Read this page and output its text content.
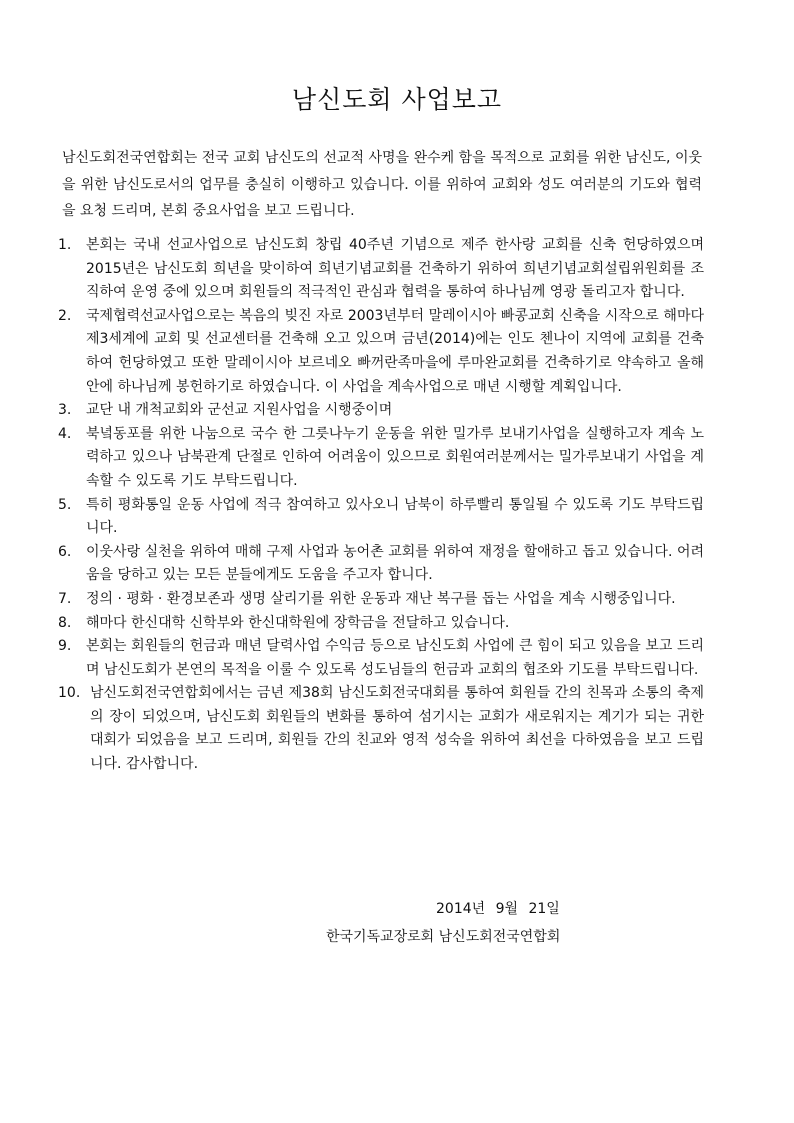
남신도회 사업보고

남신도회전국연합회는 전국 교회 남신도의 선교적 사명을 완수케 함을 목적으로 교회를 위한 남신도, 이웃을 위한 남신도로서의 업무를 충실히 이행하고 있습니다. 이를 위하여 교회와 성도 여러분의 기도와 협력을 요청 드리며, 본회 중요사업을 보고 드립니다.

1. 본회는 국내 선교사업으로 남신도회 창립 40주년 기념으로 제주 한사랑 교회를 신축 헌당하였으며 2015년은 남신도회 희년을 맞이하여 희년기념교회를 건축하기 위하여 희년기념교회설립위원회를 조직하여 운영 중에 있으며 회원들의 적극적인 관심과 협력을 통하여 하나님께 영광 돌리고자 합니다.
2. 국제협력선교사업으로는 복음의 빚진 자로 2003년부터 말레이시아 빠콩교회 신축을 시작으로 해마다 제3세계에 교회 및 선교센터를 건축해 오고 있으며 금년(2014)에는 인도 첸나이 지역에 교회를 건축하여 헌당하였고 또한 말레이시아 보르네오 빠꺼란족마을에 루마완교회를 건축하기로 약속하고 올해 안에 하나님께 봉헌하기로 하였습니다. 이 사업을 계속사업으로 매년 시행할 계획입니다.
3. 교단 내 개척교회와 군선교 지원사업을 시행중이며
4. 북녘동포를 위한 나눔으로 국수 한 그릇나누기 운동을 위한 밀가루 보내기사업을 실행하고자 계속 노력하고 있으나 남북관계 단절로 인하여 어려움이 있으므로 회원여러분께서는 밀가루보내기 사업을 계속할 수 있도록 기도 부탁드립니다.
5. 특히 평화통일 운동 사업에 적극 참여하고 있사오니 남북이 하루빨리 통일될 수 있도록 기도 부탁드립니다.
6. 이웃사랑 실천을 위하여 매해 구제 사업과 농어촌 교회를 위하여 재정을 할애하고 돕고 있습니다. 어려움을 당하고 있는 모든 분들에게도 도움을 주고자 합니다.
7. 정의 · 평화 · 환경보존과 생명 살리기를 위한 운동과 재난 복구를 돕는 사업을 계속 시행중입니다.
8. 해마다 한신대학 신학부와 한신대학원에 장학금을 전달하고 있습니다.
9. 본회는 회원들의 헌금과 매년 달력사업 수익금 등으로 남신도회 사업에 큰 힘이 되고 있음을 보고 드리며 남신도회가 본연의 목적을 이룰 수 있도록 성도님들의 헌금과 교회의 협조와 기도를 부탁드립니다.
10. 남신도회전국연합회에서는 금년 제38회 남신도회전국대회를 통하여 회원들 간의 친목과 소통의 축제의 장이 되었으며, 남신도회 회원들의 변화를 통하여 섬기시는 교회가 새로워지는 계기가 되는 귀한 대회가 되었음을 보고 드리며, 회원들 간의 친교와 영적 성숙을 위하여 최선을 다하였음을 보고 드립니다. 감사합니다.
2014년 9월 21일
한국기독교장로회 남신도회전국연합회
